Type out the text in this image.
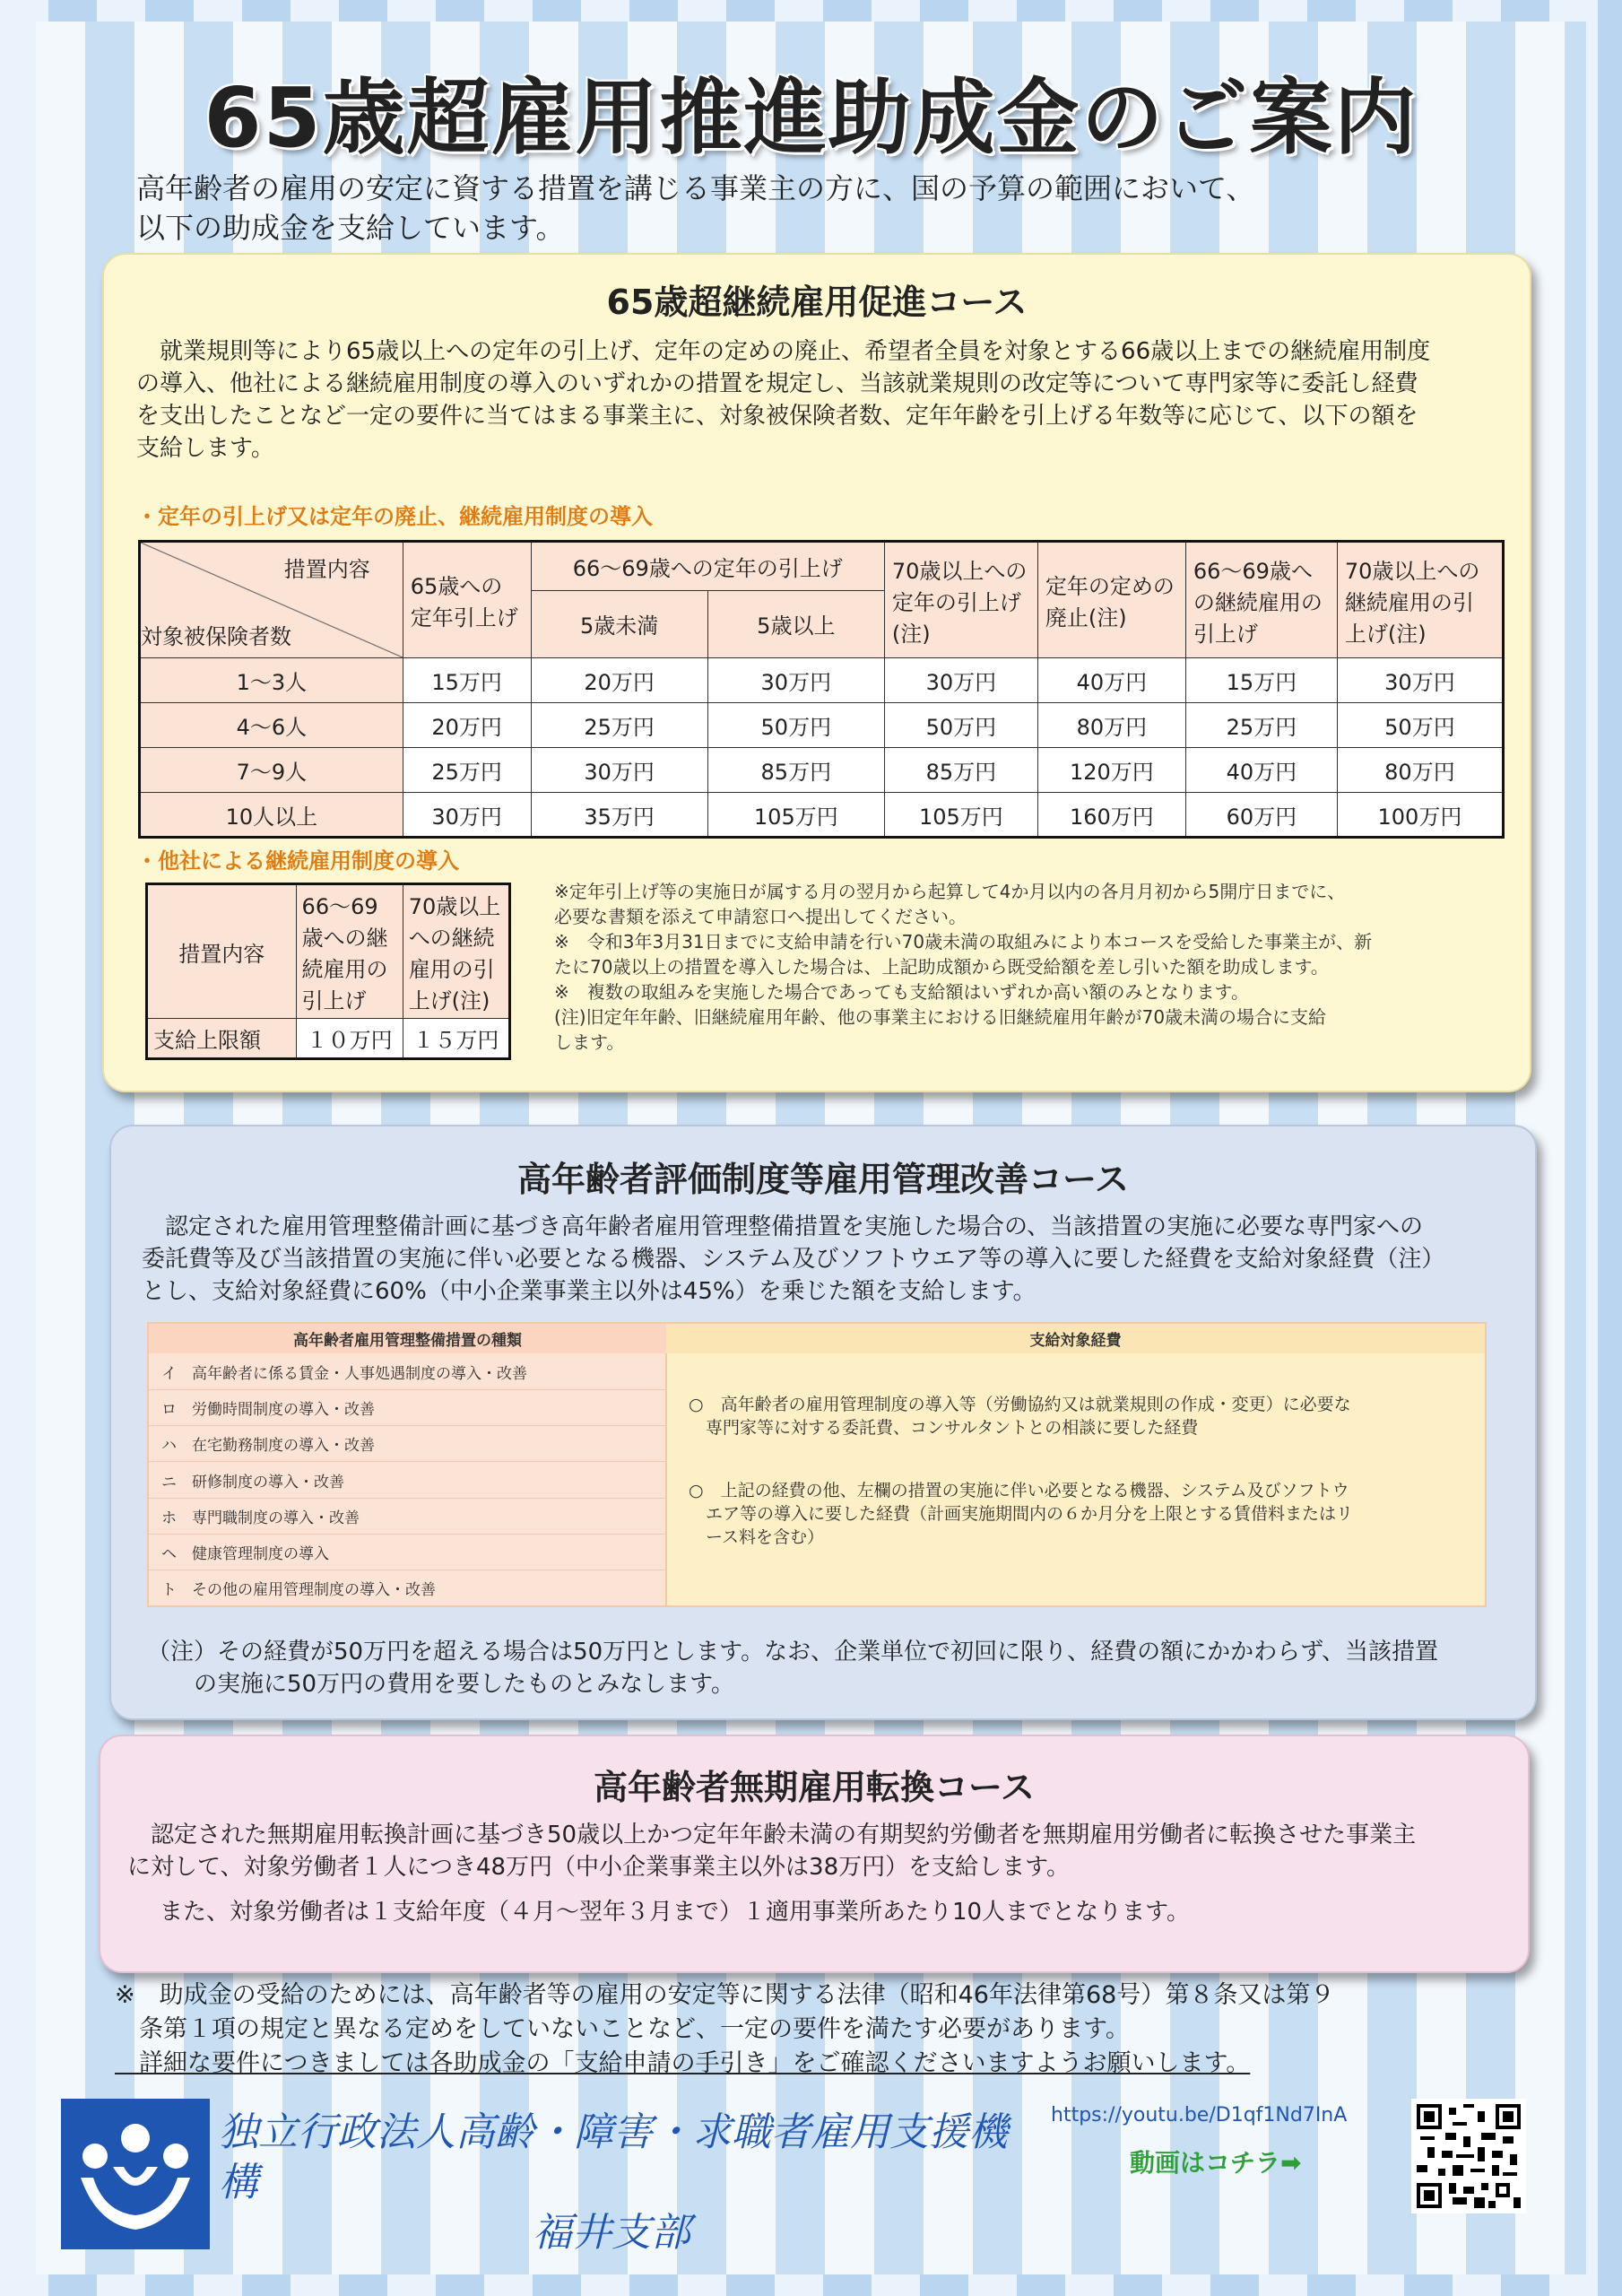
65歳超雇用推進助成金のご案内
高年齢者の雇用の安定に資する措置を講じる事業主の方に、国の予算の範囲において、
以下の助成金を支給しています。
65歳超継続雇用促進コース
　就業規則等により65歳以上への定年の引上げ、定年の定めの廃止、希望者全員を対象とする66歳以上までの継続雇用制度
の導入、他社による継続雇用制度の導入のいずれかの措置を規定し、当該就業規則の改定等について専門家等に委託し経費
を支出したことなど一定の要件に当てはまる事業主に、対象被保険者数、定年年齢を引上げる年数等に応じて、以下の額を
支給します。
・定年の引上げ又は定年の廃止、継続雇用制度の導入
措置内容
対象被保険者数	65歳への定年引上げ	66～69歳への定年の引上げ		70歳以上への定年の引上げ(注)	定年の定めの廃止(注)	66～69歳への継続雇用の引上げ	70歳以上への継続雇用の引上げ(注)
		5歳未満	5歳以上				
1～3人	15万円	20万円	30万円	30万円	40万円	15万円	30万円
4～6人	20万円	25万円	50万円	50万円	80万円	25万円	50万円
7～9人	25万円	30万円	85万円	85万円	120万円	40万円	80万円
10人以上	30万円	35万円	105万円	105万円	160万円	60万円	100万円
・他社による継続雇用制度の導入
措置内容	66～69歳への継続雇用の引上げ	70歳以上への継続雇用の引上げ(注)
支給上限額	１０万円	１５万円
※定年引上げ等の実施日が属する月の翌月から起算して4か月以内の各月月初から5開庁日までに、
必要な書類を添えて申請窓口へ提出してください。
※　令和3年3月31日までに支給申請を行い70歳未満の取組みにより本コースを受給した事業主が、新
たに70歳以上の措置を導入した場合は、上記助成額から既受給額を差し引いた額を助成します。
※　複数の取組みを実施した場合であっても支給額はいずれか高い額のみとなります。
(注)旧定年年齢、旧継続雇用年齢、他の事業主における旧継続雇用年齢が70歳未満の場合に支給
します。
高年齢者評価制度等雇用管理改善コース
　認定された雇用管理整備計画に基づき高年齢者雇用管理整備措置を実施した場合の、当該措置の実施に必要な専門家への
委託費等及び当該措置の実施に伴い必要となる機器、システム及びソフトウエア等の導入に要した経費を支給対象経費（注）
とし、支給対象経費に60%（中小企業事業主以外は45%）を乗じた額を支給します。
高年齢者雇用管理整備措置の種類	支給対象経費
イ 高年齢者に係る賃金・人事処遇制度の導入・改善	○　高年齢者の雇用管理制度の導入等（労働協約又は就業規則の作成・変更）に必要な
　専門家等に対する委託費、コンサルタントとの相談に要した経費

○　上記の経費の他、左欄の措置の実施に伴い必要となる機器、システム及びソフトウ
　エア等の導入に要した経費（計画実施期間内の６か月分を上限とする賃借料またはリ
　ース料を含む）

ロ 労働時間制度の導入・改善	
ハ 在宅勤務制度の導入・改善	
ニ 研修制度の導入・改善	
ホ 専門職制度の導入・改善	
ヘ 健康管理制度の導入	
ト その他の雇用管理制度の導入・改善	
（注）その経費が50万円を超える場合は50万円とします。なお、企業単位で初回に限り、経費の額にかかわらず、当該措置
　　の実施に50万円の費用を要したものとみなします。
高年齢者無期雇用転換コース
　認定された無期雇用転換計画に基づき50歳以上かつ定年年齢未満の有期契約労働者を無期雇用労働者に転換させた事業主
に対して、対象労働者１人につき48万円（中小企業事業主以外は38万円）を支給します。
　また、対象労働者は１支給年度（４月～翌年３月まで）１適用事業所あたり10人までとなります。
※　助成金の受給のためには、高年齢者等の雇用の安定等に関する法律（昭和46年法律第68号）第８条又は第９
　条第１項の規定と異なる定めをしていないことなど、一定の要件を満たす必要があります。
　詳細な要件につきましては各助成金の「支給申請の手引き」をご確認くださいますようお願いします。
独立行政法人高齢・障害・求職者雇用支援機構
福井支部
https://youtu.be/D1qf1Nd7InA
動画はコチラ➡
